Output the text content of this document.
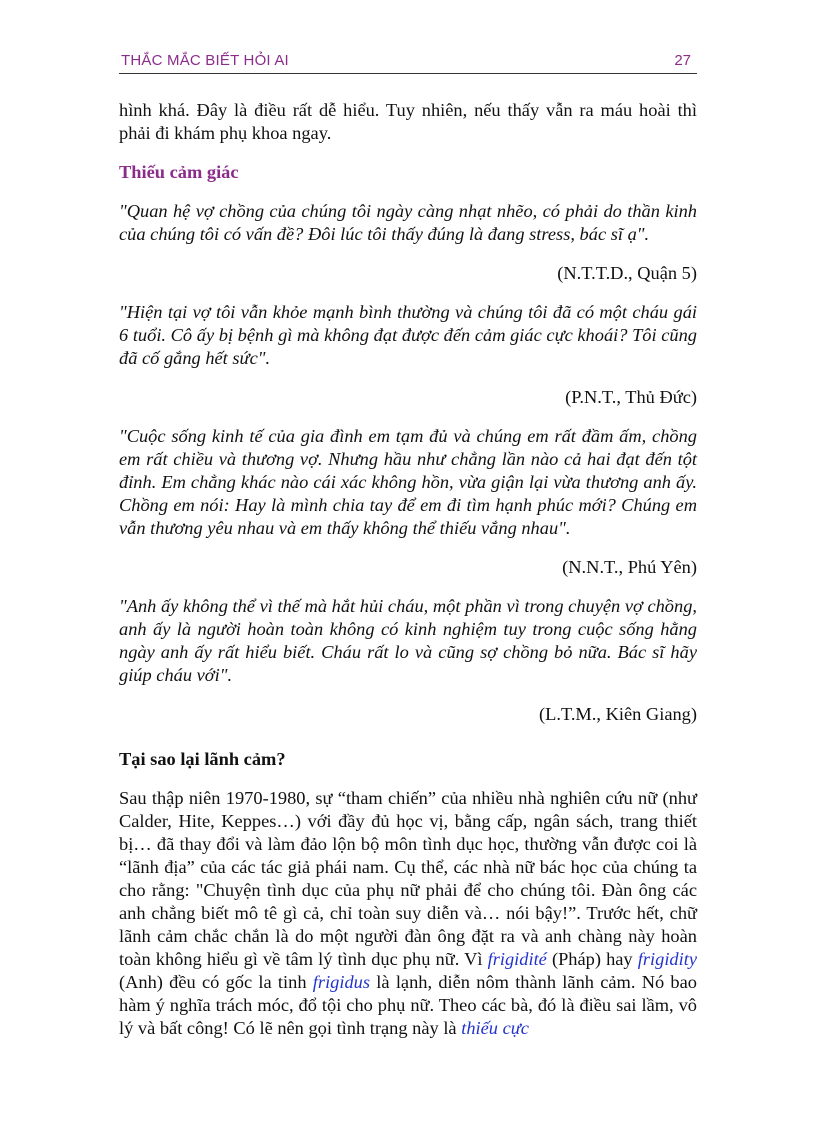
THẮC MẮC BIẾT HỎI AI	27

hình khá. Đây là điều rất dễ hiểu. Tuy nhiên, nếu thấy vẫn ra máu hoài thì phải đi khám phụ khoa ngay.

Thiếu cảm giác

"Quan hệ vợ chồng của chúng tôi ngày càng nhạt nhẽo, có phải do thần kinh của chúng tôi có vấn đề? Đôi lúc tôi thấy đúng là đang stress, bác sĩ ạ".

(N.T.T.D., Quận 5)

"Hiện tại vợ tôi vẫn khỏe mạnh bình thường và chúng tôi đã có một cháu gái 6 tuổi. Cô ấy bị bệnh gì mà không đạt được đến cảm giác cực khoái? Tôi cũng đã cố gắng hết sức".

(P.N.T., Thủ Đức)

"Cuộc sống kinh tế của gia đình em tạm đủ và chúng em rất đầm ấm, chồng em rất chiều và thương vợ. Nhưng hầu như chẳng lần nào cả hai đạt đến tột đỉnh. Em chẳng khác nào cái xác không hồn, vừa giận lại vừa thương anh ấy. Chồng em nói: Hay là mình chia tay để em đi tìm hạnh phúc mới? Chúng em vẫn thương yêu nhau và em thấy không thể thiếu vắng nhau".

(N.N.T., Phú Yên)

"Anh ấy không thể vì thế mà hắt hủi cháu, một phần vì trong chuyện vợ chồng, anh ấy là người hoàn toàn không có kinh nghiệm tuy trong cuộc sống hằng ngày anh ấy rất hiểu biết. Cháu rất lo và cũng sợ chồng bỏ nữa. Bác sĩ hãy giúp cháu với".

(L.T.M., Kiên Giang)

Tại sao lại lãnh cảm?

Sau thập niên 1970-1980, sự “tham chiến” của nhiều nhà nghiên cứu nữ (như Calder, Hite, Keppes…) với đầy đủ học vị, bằng cấp, ngân sách, trang thiết bị… đã thay đổi và làm đảo lộn bộ môn tình dục học, thường vẫn được coi là “lãnh địa” của các tác giả phái nam. Cụ thể, các nhà nữ bác học của chúng ta cho rằng: "Chuyện tình dục của phụ nữ phải để cho chúng tôi. Đàn ông các anh chẳng biết mô tê gì cả, chỉ toàn suy diễn và… nói bậy!”. Trước hết, chữ lãnh cảm chắc chắn là do một người đàn ông đặt ra và anh chàng này hoàn toàn không hiểu gì về tâm lý tình dục phụ nữ. Vì frigidité (Pháp) hay frigidity (Anh) đều có gốc la tinh frigidus là lạnh, diễn nôm thành lãnh cảm. Nó bao hàm ý nghĩa trách móc, đổ tội cho phụ nữ. Theo các bà, đó là điều sai lầm, vô lý và bất công! Có lẽ nên gọi tình trạng này là thiếu cực
